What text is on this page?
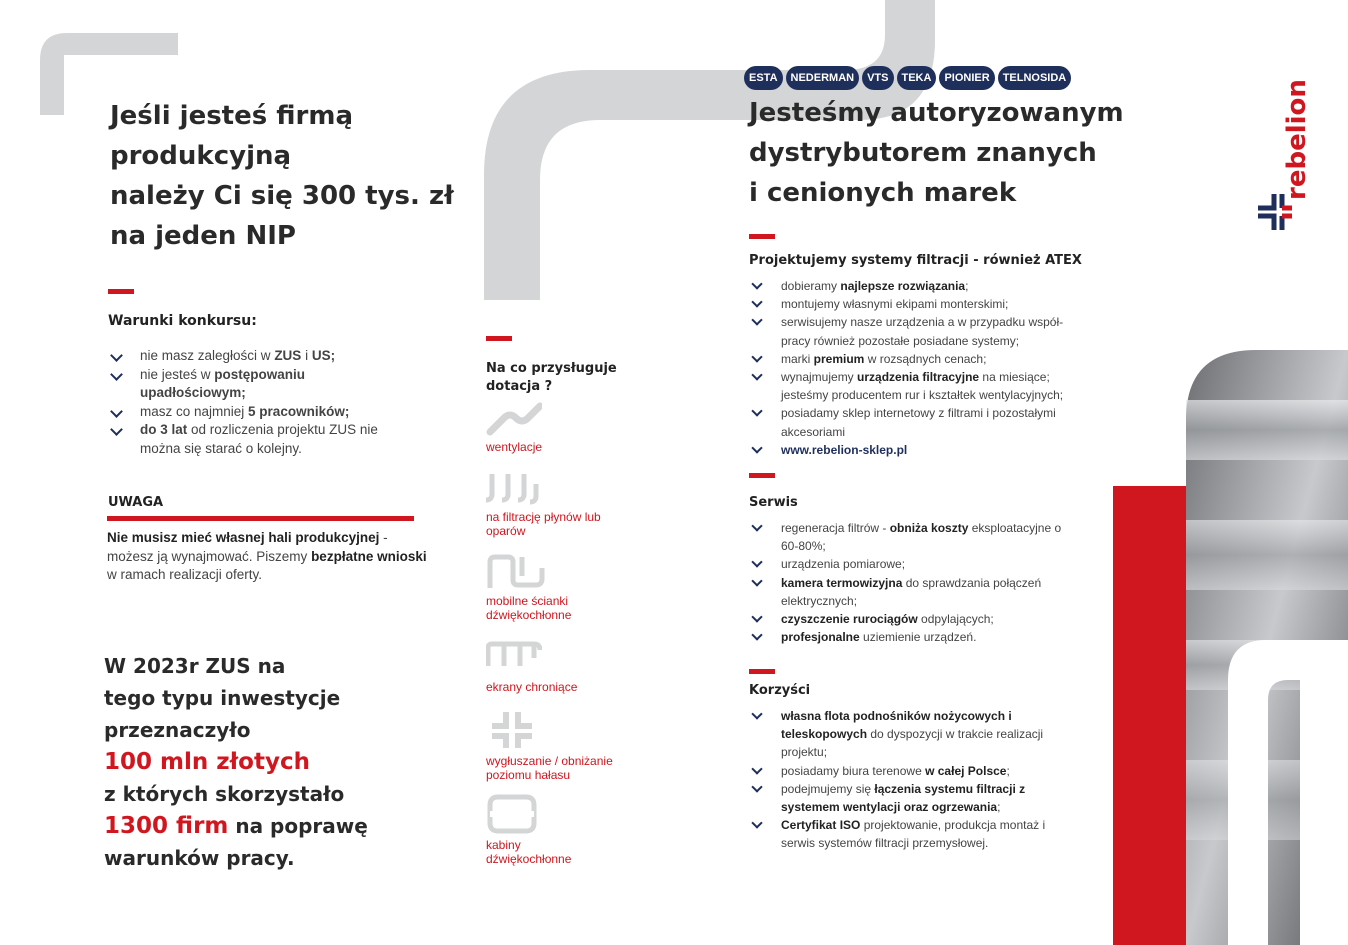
Jeśli jesteś firmą
produkcyjną
należy Ci się 300 tys. zł
na jeden NIP
Warunki konkursu:
nie masz zaległości w ZUS i US;
nie jesteś w postępowaniu upadłościowym;
masz co najmniej 5 pracowników;
do 3 lat od rozliczenia projektu ZUS nie można się starać o kolejny.
UWAGA
Nie musisz mieć własnej hali produkcyjnej - możesz ją wynajmować. Piszemy bezpłatne wnioski w ramach realizacji oferty.
W 2023r ZUS na
tego typu inwestycje
przeznaczyło
100 mln złotych
z których skorzystało
1300 firm na poprawę
warunków pracy.
Na co przysługuje dotacja ?
wentylacje
na filtrację płynów lub oparów
mobilne ścianki dźwiękochłonne
ekrany chroniące
wygłuszanie / obniżanie poziomu hałasu
kabiny dźwiękochłonne
ESTA	NEDERMAN	VTS	TEKA	PIONIER	TELNOSIDA
Jesteśmy autoryzowanym
dystrybutorem znanych
i cenionych marek
Projektujemy systemy filtracji - również ATEX
dobieramy najlepsze rozwiązania;
montujemy własnymi ekipami monterskimi;
serwisujemy nasze urządzenia a w przypadku współ-pracy również pozostałe posiadane systemy;
marki premium w rozsądnych cenach;
wynajmujemy urządzenia filtracyjne na miesiące;
jesteśmy producentem rur i kształtek wentylacyjnych;
posiadamy sklep internetowy z filtrami i pozostałymi akcesoriami
www.rebelion-sklep.pl
Serwis
regeneracja filtrów - obniża koszty eksploatacyjne o 60-80%;
urządzenia pomiarowe;
kamera termowizyjna do sprawdzania połączeń elektrycznych;
czyszczenie rurociągów odpylających;
profesjonalne uziemienie urządzeń.
Korzyści
własna flota podnośników nożycowych i teleskopowych do dyspozycji w trakcie realizacji projektu;
posiadamy biura terenowe w całej Polsce;
podejmujemy się łączenia systemu filtracji z systemem wentylacji oraz ogrzewania;
Certyfikat ISO projektowanie, produkcja montaż i serwis systemów filtracji przemysłowej.
rebelion
